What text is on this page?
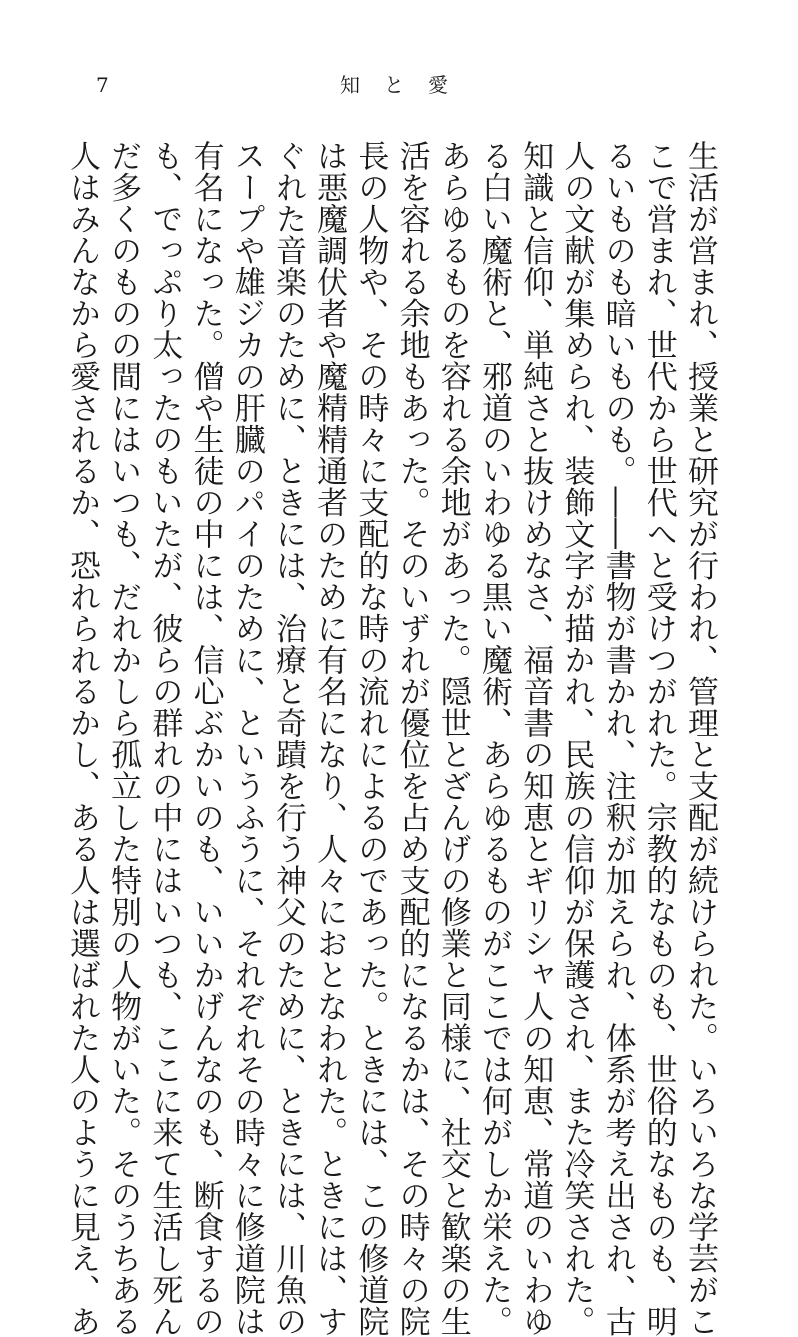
7	知と愛
生活が営まれ、授業と研究が行われ、管理と支配が続けられた。いろいろな学芸がこ
こで営まれ、世代から世代へと受けつがれた。宗教的なものも、世俗的なものも、明
るいものも暗いものも。――書物が書かれ、注釈が加えられ、体系が考え出され、古
人の文献が集められ、装飾文字が描かれ、民族の信仰が保護され、また冷笑された。
知識と信仰、単純さと抜けめなさ、福音書の知恵とギリシャ人の知恵、常道のいわゆ
る白い魔術と、邪道のいわゆる黒い魔術、あらゆるものがここでは何がしか栄えた。
あらゆるものを容れる余地があった。隠世とざんげの修業と同様に、社交と歓楽の生
活を容れる余地もあった。そのいずれが優位を占め支配的になるかは、その時々の院
長の人物や、その時々に支配的な時の流れによるのであった。ときには、この修道院
は悪魔調伏者や魔精精通者のために有名になり、人々におとなわれた。ときには、す
ぐれた音楽のために、ときには、治療と奇蹟を行う神父のために、ときには、川魚の
スープや雄ジカの肝臓のパイのために、というふうに、それぞれその時々に修道院は
有名になった。僧や生徒の中には、信心ぶかいのも、いいかげんなのも、断食するの
も、でっぷり太ったのもいたが、彼らの群れの中にはいつも、ここに来て生活し死ん
だ多くのものの間にはいつも、だれかしら孤立した特別の人物がいた。そのうちある
人はみんなから愛されるか、恐れられるかし、ある人は選ばれた人のように見え、あ
